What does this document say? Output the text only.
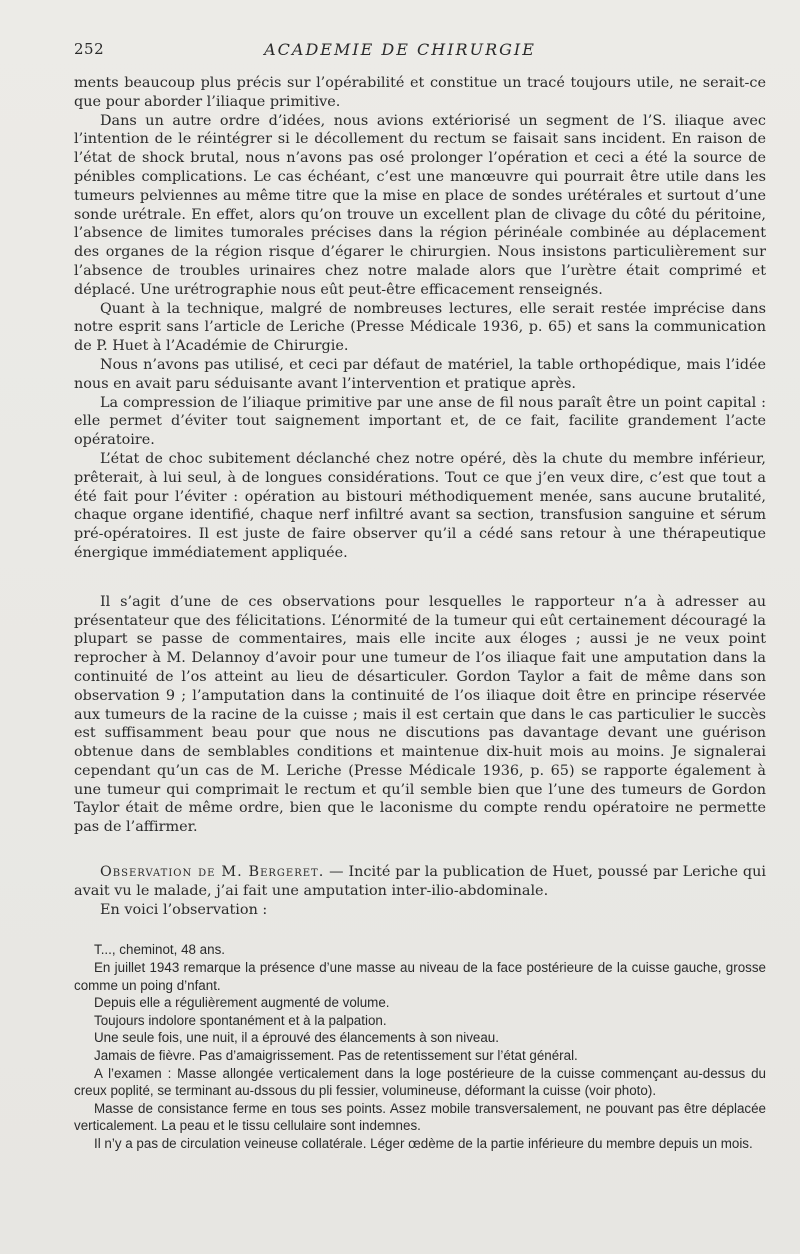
252	ACADEMIE DE CHIRURGIE

ments beaucoup plus précis sur l’opérabilité et constitue un tracé toujours utile, ne serait-ce que pour aborder l’iliaque primitive.

Dans un autre ordre d’idées, nous avions extériorisé un segment de l’S. iliaque avec l’intention de le réintégrer si le décollement du rectum se faisait sans incident. En raison de l’état de shock brutal, nous n’avons pas osé prolonger l’opération et ceci a été la source de pénibles complications. Le cas échéant, c’est une manœuvre qui pourrait être utile dans les tumeurs pelviennes au même titre que la mise en place de sondes urétérales et surtout d’une sonde urétrale. En effet, alors qu’on trouve un excellent plan de clivage du côté du péritoine, l’absence de limites tumorales précises dans la région périnéale combinée au déplacement des organes de la région risque d’égarer le chirurgien. Nous insistons particulièrement sur l’absence de troubles urinaires chez notre malade alors que l’urètre était comprimé et déplacé. Une urétrographie nous eût peut-être efficacement renseignés.

Quant à la technique, malgré de nombreuses lectures, elle serait restée imprécise dans notre esprit sans l’article de Leriche (Presse Médicale 1936, p. 65) et sans la communication de P. Huet à l’Académie de Chirurgie.

Nous n’avons pas utilisé, et ceci par défaut de matériel, la table orthopédique, mais l’idée nous en avait paru séduisante avant l’intervention et pratique après.

La compression de l’iliaque primitive par une anse de fil nous paraît être un point capital : elle permet d’éviter tout saignement important et, de ce fait, facilite grandement l’acte opératoire.

L’état de choc subitement déclanché chez notre opéré, dès la chute du membre inférieur, prêterait, à lui seul, à de longues considérations. Tout ce que j’en veux dire, c’est que tout a été fait pour l’éviter : opération au bistouri méthodiquement menée, sans aucune brutalité, chaque organe identifié, chaque nerf infiltré avant sa section, transfusion sanguine et sérum pré-opératoires. Il est juste de faire observer qu’il a cédé sans retour à une thérapeutique énergique immédiatement appliquée.

Il s’agit d’une de ces observations pour lesquelles le rapporteur n’a à adresser au présentateur que des félicitations. L’énormité de la tumeur qui eût certainement découragé la plupart se passe de commentaires, mais elle incite aux éloges ; aussi je ne veux point reprocher à M. Delannoy d’avoir pour une tumeur de l’os iliaque fait une amputation dans la continuité de l’os atteint au lieu de désarticuler. Gordon Taylor a fait de même dans son observation 9 ; l’amputation dans la continuité de l’os iliaque doit être en principe réservée aux tumeurs de la racine de la cuisse ; mais il est certain que dans le cas particulier le succès est suffisamment beau pour que nous ne discutions pas davantage devant une guérison obtenue dans de semblables conditions et maintenue dix-huit mois au moins. Je signalerai cependant qu’un cas de M. Leriche (Presse Médicale 1936, p. 65) se rapporte également à une tumeur qui comprimait le rectum et qu’il semble bien que l’une des tumeurs de Gordon Taylor était de même ordre, bien que le laconisme du compte rendu opératoire ne permette pas de l’affirmer.

Observation de M. Bergeret. — Incité par la publication de Huet, poussé par Leriche qui avait vu le malade, j’ai fait une amputation inter-ilio-abdominale.

En voici l’observation :

T..., cheminot, 48 ans.

En juillet 1943 remarque la présence d’une masse au niveau de la face postérieure de la cuisse gauche, grosse comme un poing d’nfant.

Depuis elle a régulièrement augmenté de volume.

Toujours indolore spontanément et à la palpation.

Une seule fois, une nuit, il a éprouvé des élancements à son niveau.

Jamais de fièvre. Pas d’amaigrissement. Pas de retentissement sur l’état général.

A l’examen : Masse allongée verticalement dans la loge postérieure de la cuisse commençant au-dessus du creux poplité, se terminant au-dssous du pli fessier, volumineuse, déformant la cuisse (voir photo).

Masse de consistance ferme en tous ses points. Assez mobile transversalement, ne pouvant pas être déplacée verticalement. La peau et le tissu cellulaire sont indemnes.

Il n’y a pas de circulation veineuse collatérale. Léger œdème de la partie inférieure du membre depuis un mois.
